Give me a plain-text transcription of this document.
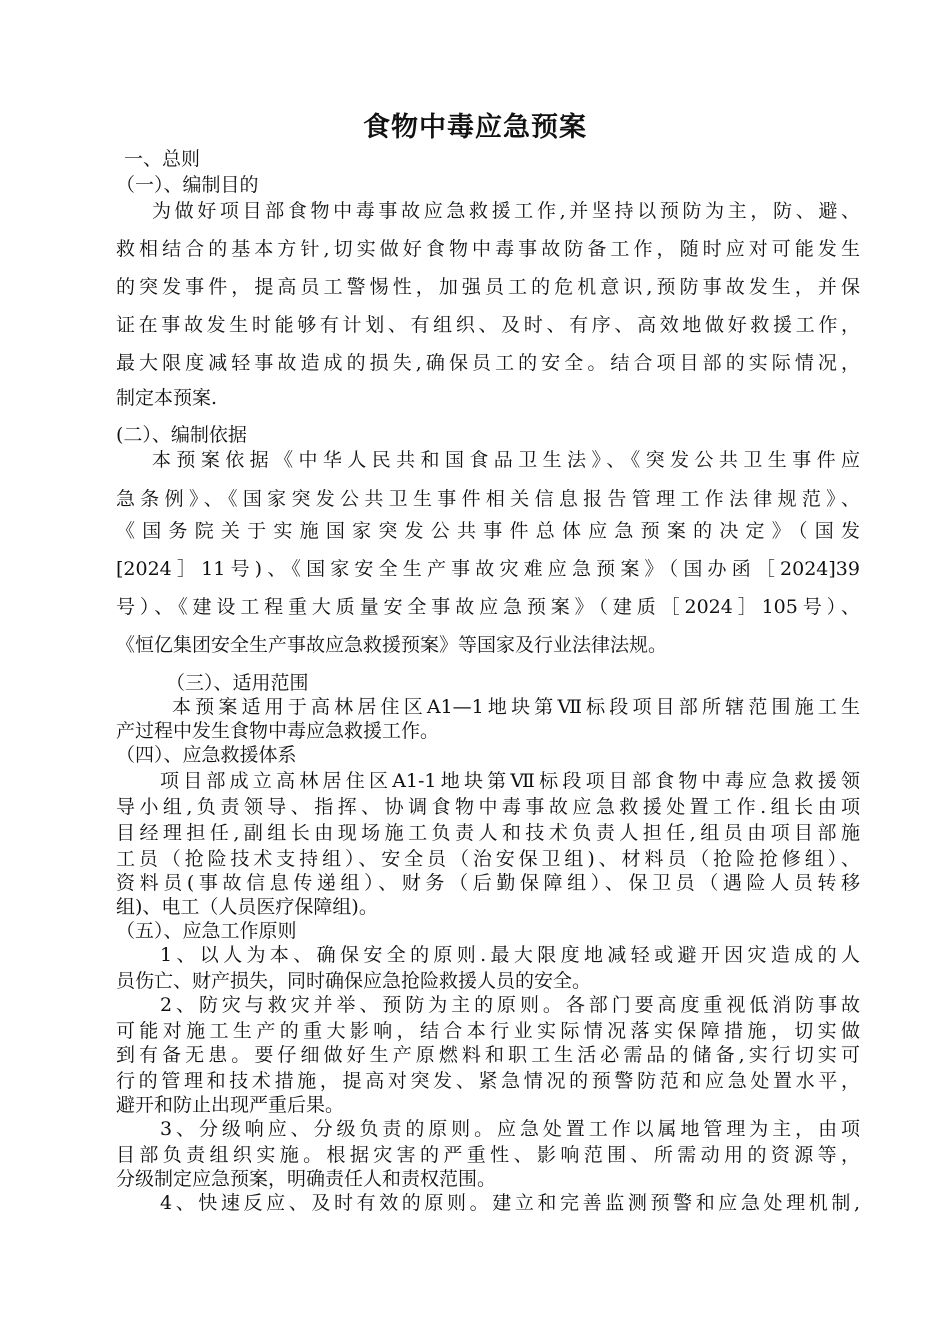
食物中毒应急预案
一、总则
（一）、编制目的
为做好项目部食物中毒事故应急救援工作,并坚持以预防为主，防、避、
救相结合的基本方针,切实做好食物中毒事故防备工作，随时应对可能发生
的突发事件，提高员工警惕性，加强员工的危机意识,预防事故发生，并保
证在事故发生时能够有计划、有组织、及时、有序、高效地做好救援工作，
最大限度减轻事故造成的损失,确保员工的安全。结合项目部的实际情况，
制定本预案.
(二）、编制依据
本预案依据《中华人民共和国食品卫生法》、《突发公共卫生事件应
急条例》、《国家突发公共卫生事件相关信息报告管理工作法律规范》、
《国务院关于实施国家突发公共事件总体应急预案的决定》（国发
[2024］11号)、《国家安全生产事故灾难应急预案》（国办函［2024]39
号）、《建设工程重大质量安全事故应急预案》（建质［2024］105号）、
《恒亿集团安全生产事故应急救援预案》等国家及行业法律法规。
（三）、适用范围
本预案适用于高林居住区A1—1地块第Ⅶ标段项目部所辖范围施工生
产过程中发生食物中毒应急救援工作。
（四）、应急救援体系
项目部成立高林居住区A1-1地块第Ⅶ标段项目部食物中毒应急救援领
导小组,负责领导、指挥、协调食物中毒事故应急救援处置工作.组长由项
目经理担任,副组长由现场施工负责人和技术负责人担任,组员由项目部施
工员（抢险技术支持组）、安全员（治安保卫组)、材料员（抢险抢修组）、
资料员(事故信息传递组）、财务（后勤保障组）、保卫员（遇险人员转移
组)、电工（人员医疗保障组)。
（五）、应急工作原则
1、以人为本、确保安全的原则.最大限度地减轻或避开因灾造成的人
员伤亡、财产损失，同时确保应急抢险救援人员的安全。
2、防灾与救灾并举、预防为主的原则。各部门要高度重视低消防事故
可能对施工生产的重大影响，结合本行业实际情况落实保障措施，切实做
到有备无患。要仔细做好生产原燃料和职工生活必需品的储备,实行切实可
行的管理和技术措施，提高对突发、紧急情况的预警防范和应急处置水平，
避开和防止出现严重后果。
3、分级响应、分级负责的原则。应急处置工作以属地管理为主，由项
目部负责组织实施。根据灾害的严重性、影响范围、所需动用的资源等，
分级制定应急预案，明确责任人和责权范围。
4、快速反应、及时有效的原则。建立和完善监测预警和应急处理机制,
